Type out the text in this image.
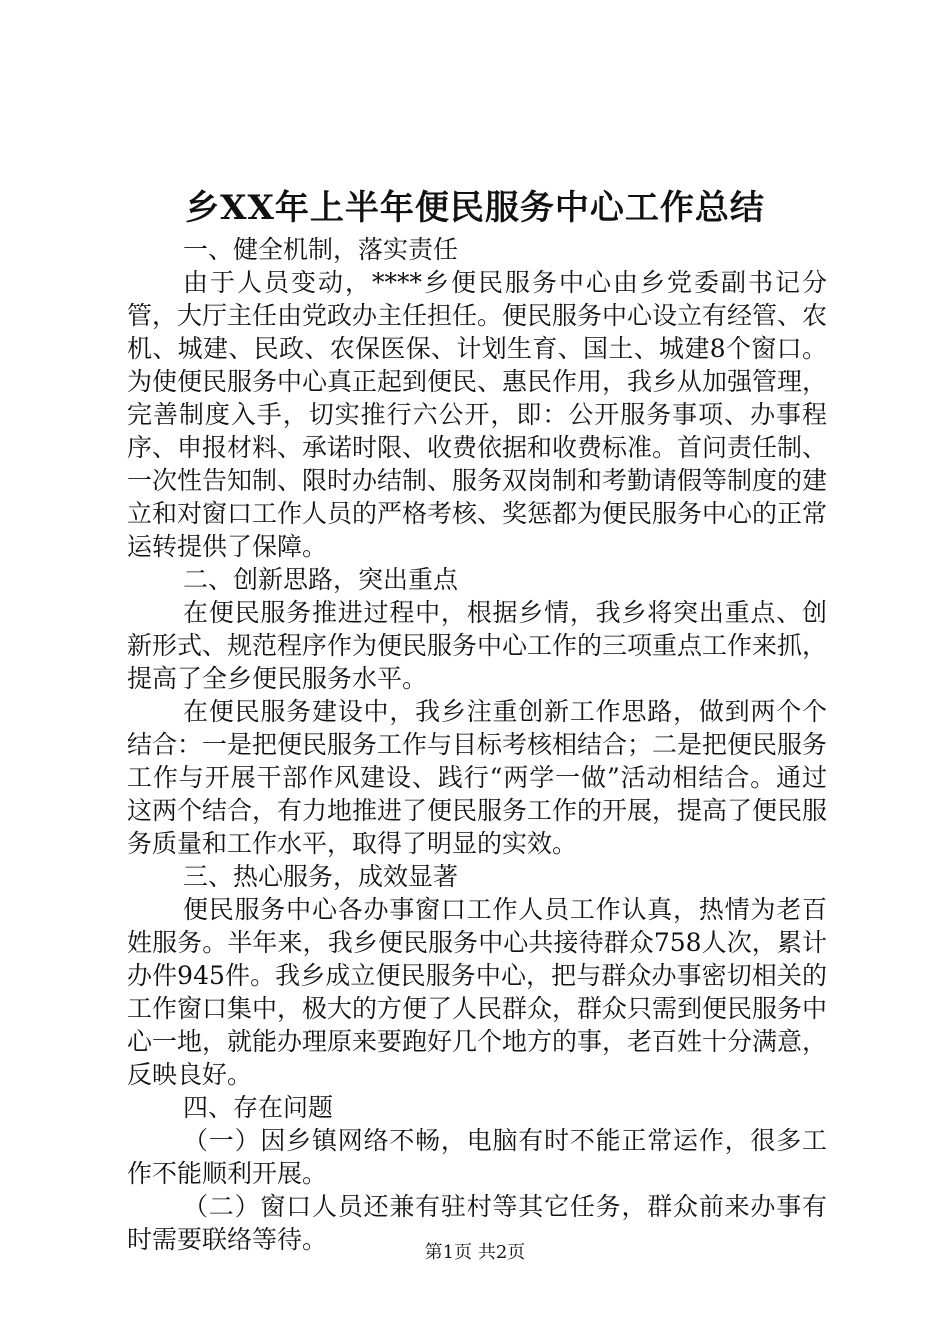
乡XX年上半年便民服务中心工作总结

一、健全机制，落实责任

由于人员变动，****乡便民服务中心由乡党委副书记分管，大厅主任由党政办主任担任。便民服务中心设立有经管、农机、城建、民政、农保医保、计划生育、国土、城建8个窗口。为使便民服务中心真正起到便民、惠民作用，我乡从加强管理，完善制度入手，切实推行六公开，即：公开服务事项、办事程序、申报材料、承诺时限、收费依据和收费标准。首问责任制、一次性告知制、限时办结制、服务双岗制和考勤请假等制度的建立和对窗口工作人员的严格考核、奖惩都为便民服务中心的正常运转提供了保障。

二、创新思路，突出重点

在便民服务推进过程中，根据乡情，我乡将突出重点、创新形式、规范程序作为便民服务中心工作的三项重点工作来抓，提高了全乡便民服务水平。

在便民服务建设中，我乡注重创新工作思路，做到两个个结合：一是把便民服务工作与目标考核相结合；二是把便民服务工作与开展干部作风建设、践行“两学一做”活动相结合。通过这两个结合，有力地推进了便民服务工作的开展，提高了便民服务质量和工作水平，取得了明显的实效。

三、热心服务，成效显著

便民服务中心各办事窗口工作人员工作认真，热情为老百姓服务。半年来，我乡便民服务中心共接待群众758人次，累计办件945件。我乡成立便民服务中心，把与群众办事密切相关的工作窗口集中，极大的方便了人民群众，群众只需到便民服务中心一地，就能办理原来要跑好几个地方的事，老百姓十分满意，反映良好。

四、存在问题

（一）因乡镇网络不畅，电脑有时不能正常运作，很多工作不能顺利开展。

（二）窗口人员还兼有驻村等其它任务，群众前来办事有时需要联络等待。	第1页 共2页
